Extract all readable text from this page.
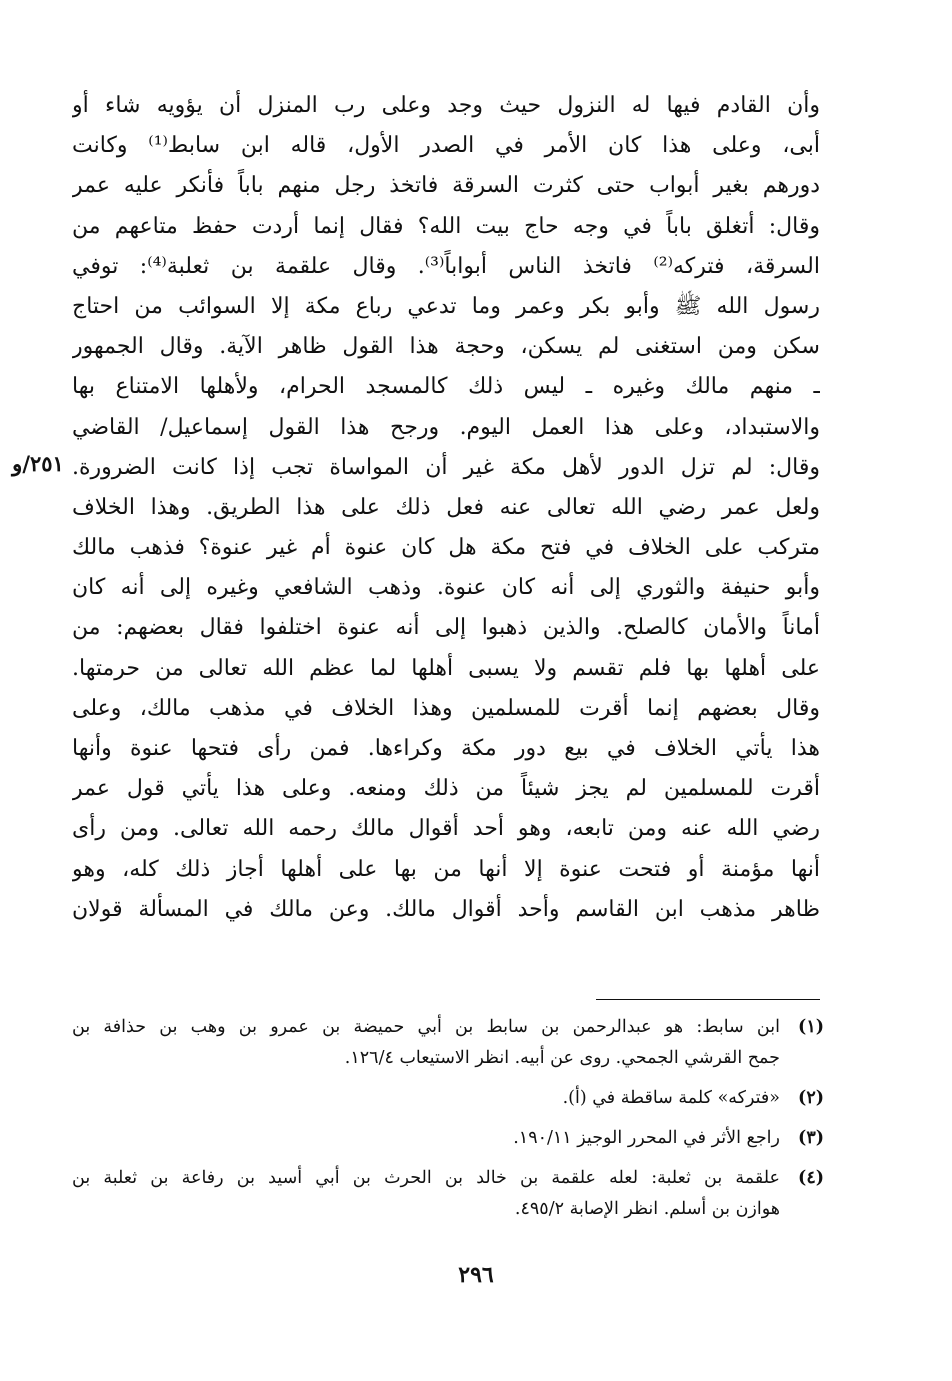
وأن القادم فيها له النزول حيث وجد وعلى رب المنزل أن يؤويه شاء أو
أبى، وعلى هذا كان الأمر في الصدر الأول، قاله ابن سابط⁽¹⁾ وكانت
دورهم بغير أبواب حتى كثرت السرقة فاتخذ رجل منهم باباً فأنكر عليه عمر
وقال: أتغلق باباً في وجه حاج بيت الله؟ فقال إنما أردت حفظ متاعهم من
السرقة، فتركه⁽²⁾ فاتخذ الناس أبواباً⁽³⁾. وقال علقمة بن ثعلبة⁽⁴⁾: توفي
رسول الله ﷺ وأبو بكر وعمر وما تدعي رباع مكة إلا السوائب من احتاج
سكن ومن استغنى لم يسكن، وحجة هذا القول ظاهر الآية. وقال الجمهور
ـ منهم مالك وغيره ـ ليس ذلك كالمسجد الحرام، ولأهلها الامتناع بها
والاستبداد، وعلى هذا العمل اليوم. ورجح هذا القول إسماعيل/ القاضي
وقال: لم تزل الدور لأهل مكة غير أن المواساة تجب إذا كانت الضرورة.
ولعل عمر رضي الله تعالى عنه فعل ذلك على هذا الطريق. وهذا الخلاف
متركب على الخلاف في فتح مكة هل كان عنوة أم غير عنوة؟ فذهب مالك
وأبو حنيفة والثوري إلى أنه كان عنوة. وذهب الشافعي وغيره إلى أنه كان
أماناً والأمان كالصلح. والذين ذهبوا إلى أنه عنوة اختلفوا فقال بعضهم: من
على أهلها بها فلم تقسم ولا يسبى أهلها لما عظم الله تعالى من حرمتها.
وقال بعضهم إنما أقرت للمسلمين وهذا الخلاف في مذهب مالك، وعلى
هذا يأتي الخلاف في بيع دور مكة وكراءها. فمن رأى فتحها عنوة وأنها
أقرت للمسلمين لم يجز شيئاً من ذلك ومنعه. وعلى هذا يأتي قول عمر
رضي الله عنه ومن تابعه، وهو أحد أقوال مالك رحمه الله تعالى. ومن رأى
أنها مؤمنة أو فتحت عنوة إلا أنها من بها على أهلها أجاز ذلك كله، وهو
ظاهر مذهب ابن القاسم وأحد أقوال مالك. وعن مالك في المسألة قولان
٢٥١/و
(١)
ابن سابط: هو عبدالرحمن بن سابط بن أبي حميضة بن عمرو بن وهب بن حذافة بن
جمح القرشي الجمحي. روى عن أبيه. انظر الاستيعاب ١٢٦/٤.
(٢)
«فتركه» كلمة ساقطة في (أ).
(٣)
راجع الأثر في المحرر الوجيز ١٩٠/١١.
(٤)
علقمة بن ثعلبة: لعله علقمة بن خالد بن الحرث بن أبي أسيد بن رفاعة بن ثعلبة بن
هوازن بن أسلم. انظر الإصابة ٤٩٥/٢.
٢٩٦
